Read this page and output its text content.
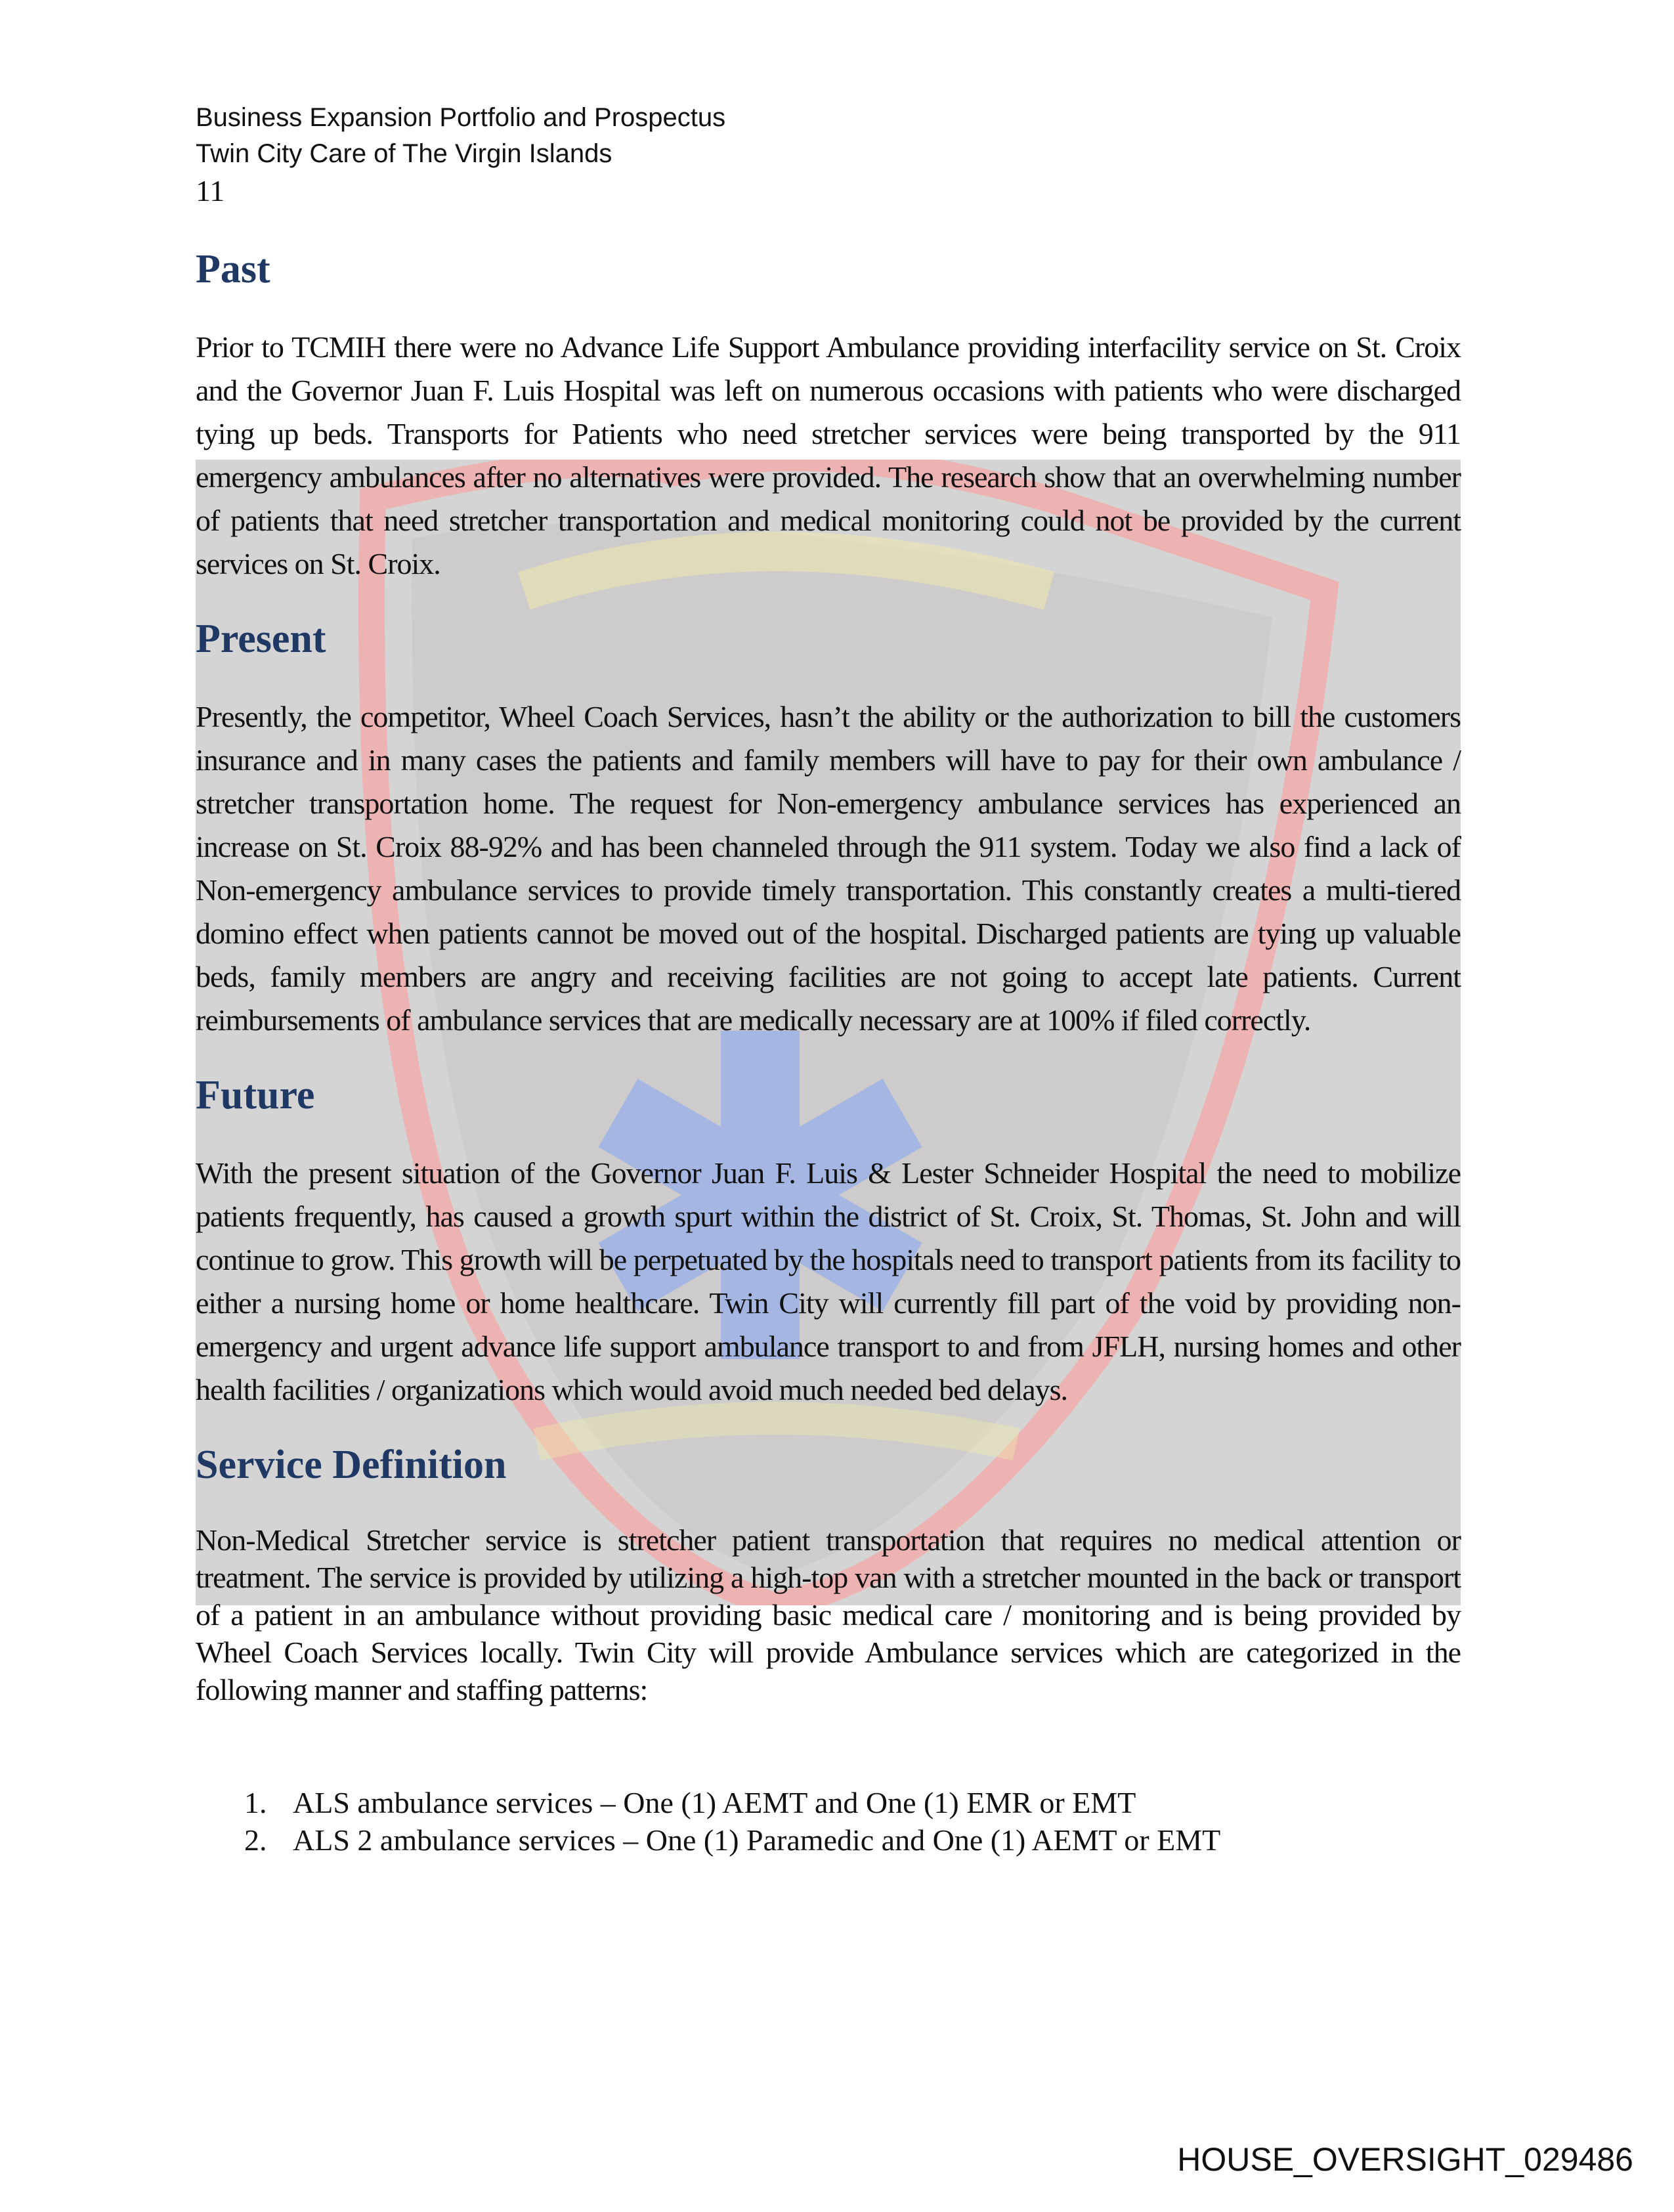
Business Expansion Portfolio and Prospectus
Twin City Care of The Virgin Islands
11
Past

Prior to TCMIH there were no Advance Life Support Ambulance providing interfacility service on St. Croix and the Governor Juan F. Luis Hospital was left on numerous occasions with patients who were discharged tying up beds. Transports for Patients who need stretcher services were being transported by the 911 emergency ambulances after no alternatives were provided. The research show that an overwhelming number of patients that need stretcher transportation and medical monitoring could not be provided by the current services on St. Croix.

Present

Presently, the competitor, Wheel Coach Services, hasn’t the ability or the authorization to bill the customers insurance and in many cases the patients and family members will have to pay for their own ambulance / stretcher transportation home. The request for Non-emergency ambulance services has experienced an increase on St. Croix 88-92% and has been channeled through the 911 system. Today we also find a lack of Non-emergency ambulance services to provide timely transportation. This constantly creates a multi-tiered domino effect when patients cannot be moved out of the hospital. Discharged patients are tying up valuable beds, family members are angry and receiving facilities are not going to accept late patients. Current reimbursements of ambulance services that are medically necessary are at 100% if filed correctly.

Future

With the present situation of the Governor Juan F. Luis & Lester Schneider Hospital the need to mobilize patients frequently, has caused a growth spurt within the district of St. Croix, St. Thomas, St. John and will continue to grow. This growth will be perpetuated by the hospitals need to transport patients from its facility to either a nursing home or home healthcare. Twin City will currently fill part of the void by providing non-emergency and urgent advance life support ambulance transport to and from JFLH, nursing homes and other health facilities / organizations which would avoid much needed bed delays.

Service Definition

Non-Medical Stretcher service is stretcher patient transportation that requires no medical attention or treatment. The service is provided by utilizing a high-top van with a stretcher mounted in the back or transport of a patient in an ambulance without providing basic medical care / monitoring and is being provided by Wheel Coach Services locally. Twin City will provide Ambulance services which are categorized in the following manner and staffing patterns:

1. ALS ambulance services – One (1) AEMT and One (1) EMR or EMT
2. ALS 2 ambulance services – One (1) Paramedic and One (1) AEMT or EMT
HOUSE_OVERSIGHT_029486
